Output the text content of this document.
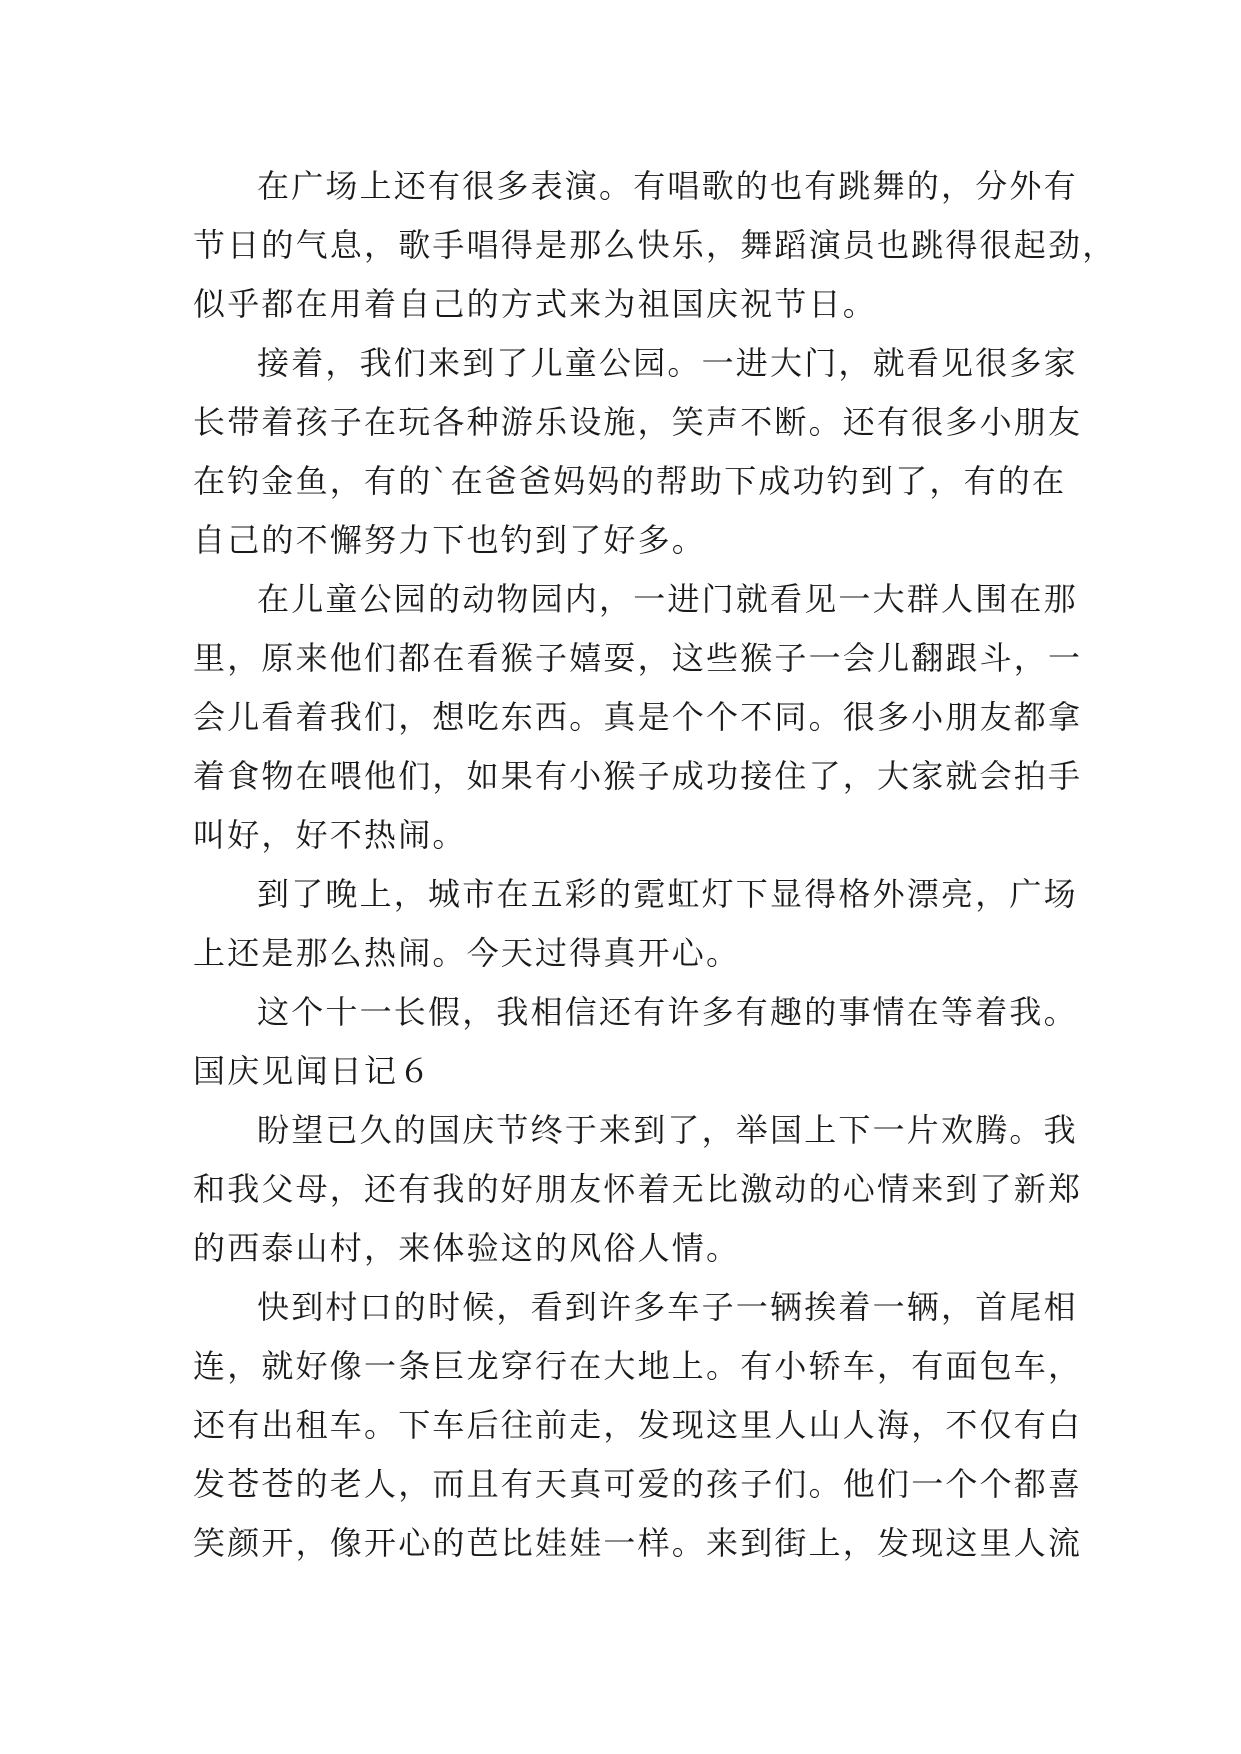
在广场上还有很多表演。有唱歌的也有跳舞的，分外有
节日的气息，歌手唱得是那么快乐，舞蹈演员也跳得很起劲，
似乎都在用着自己的方式来为祖国庆祝节日。
接着，我们来到了儿童公园。一进大门，就看见很多家
长带着孩子在玩各种游乐设施，笑声不断。还有很多小朋友
在钓金鱼，有的`在爸爸妈妈的帮助下成功钓到了，有的在
自己的不懈努力下也钓到了好多。
在儿童公园的动物园内，一进门就看见一大群人围在那
里，原来他们都在看猴子嬉耍，这些猴子一会儿翻跟斗，一
会儿看着我们，想吃东西。真是个个不同。很多小朋友都拿
着食物在喂他们，如果有小猴子成功接住了，大家就会拍手
叫好，好不热闹。
到了晚上，城市在五彩的霓虹灯下显得格外漂亮，广场
上还是那么热闹。今天过得真开心。
这个十一长假，我相信还有许多有趣的事情在等着我。
国庆见闻日记６
盼望已久的国庆节终于来到了，举国上下一片欢腾。我
和我父母，还有我的好朋友怀着无比激动的心情来到了新郑
的西泰山村，来体验这的风俗人情。
快到村口的时候，看到许多车子一辆挨着一辆，首尾相
连，就好像一条巨龙穿行在大地上。有小轿车，有面包车，
还有出租车。下车后往前走，发现这里人山人海，不仅有白
发苍苍的老人，而且有天真可爱的孩子们。他们一个个都喜
笑颜开，像开心的芭比娃娃一样。来到街上，发现这里人流
